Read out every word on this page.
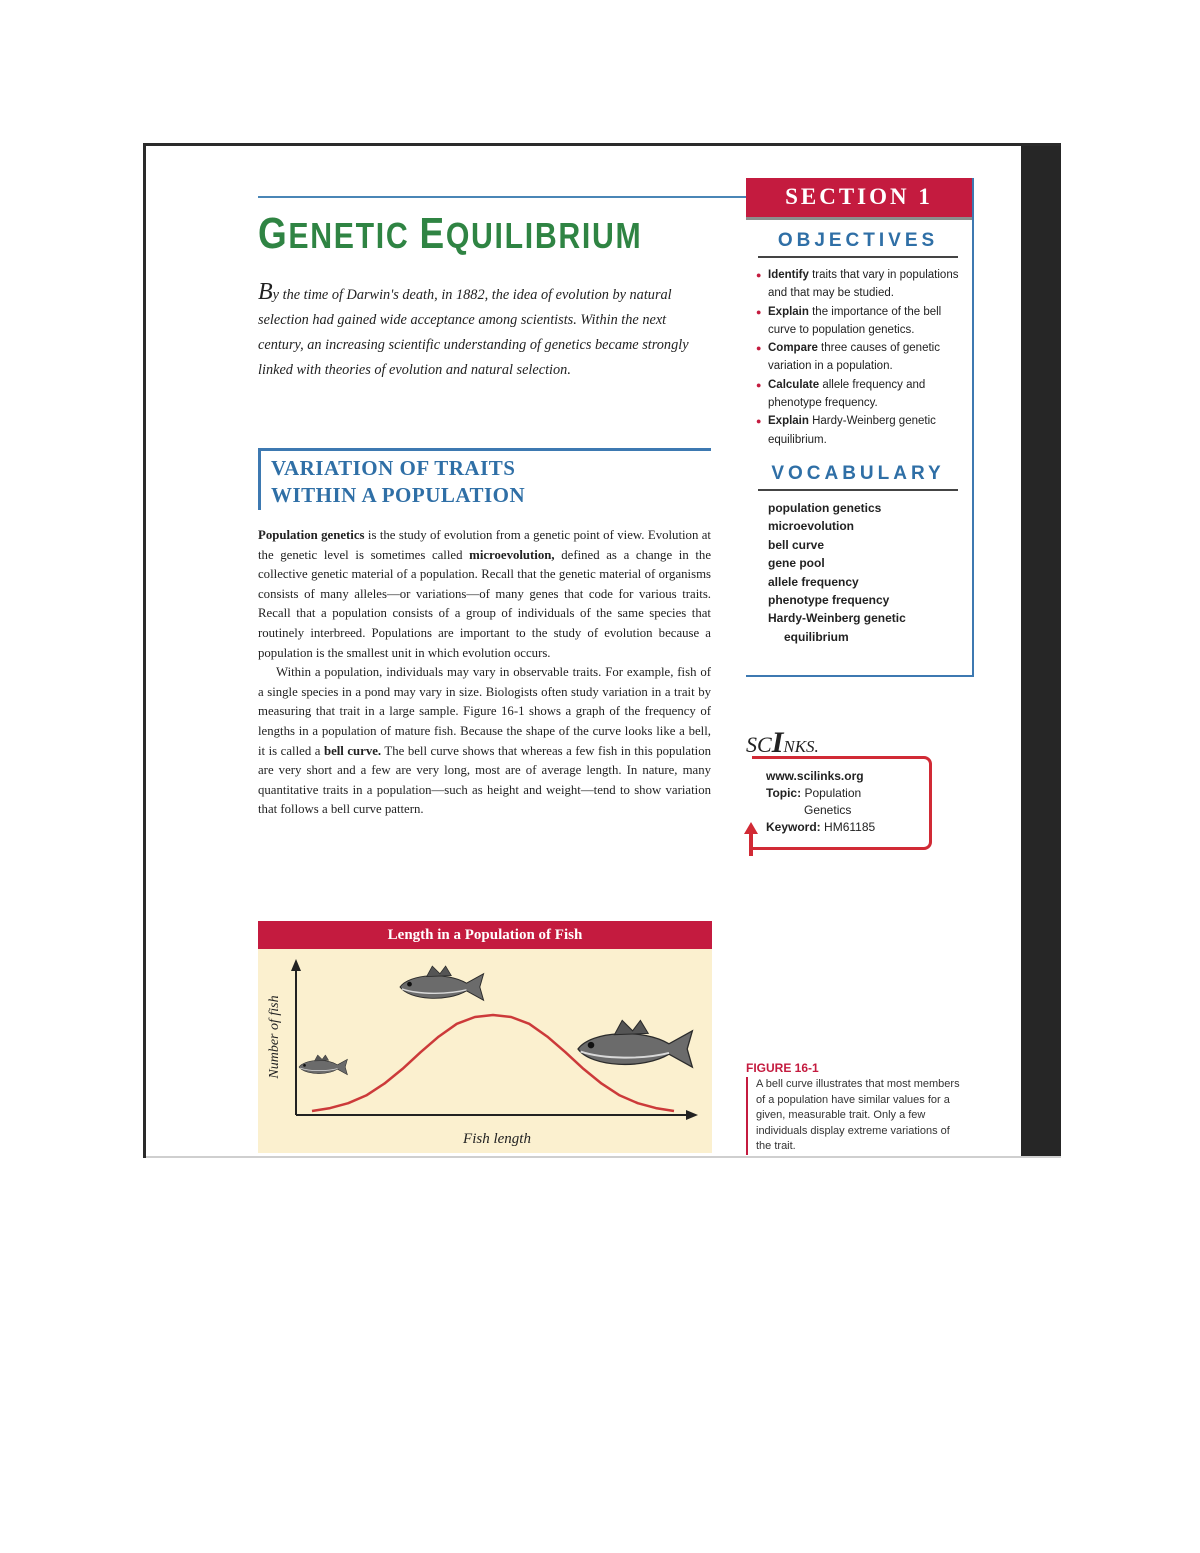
GENETIC EQUILIBRIUM

By the time of Darwin's death, in 1882, the idea of evolution by natural selection had gained wide acceptance among scientists. Within the next century, an increasing scientific understanding of genetics became strongly linked with theories of evolution and natural selection.

VARIATION OF TRAITS
WITHIN A POPULATION

Population genetics is the study of evolution from a genetic point of view. Evolution at the genetic level is sometimes called microevolution, defined as a change in the collective genetic material of a population. Recall that the genetic material of organisms consists of many alleles—or variations—of many genes that code for various traits. Recall that a population consists of a group of individuals of the same species that routinely interbreed. Populations are important to the study of evolution because a population is the smallest unit in which evolution occurs.

Within a population, individuals may vary in observable traits. For example, fish of a single species in a pond may vary in size. Biologists often study variation in a trait by measuring that trait in a large sample. Figure 16-1 shows a graph of the frequency of lengths in a population of mature fish. Because the shape of the curve looks like a bell, it is called a bell curve. The bell curve shows that whereas a few fish in this population are very short and a few are very long, most are of average length. In nature, many quantitative traits in a population—such as height and weight—tend to show variation that follows a bell curve pattern.

Length in a Population of Fish
Fish length
Number of fish
SECTION 1
OBJECTIVES
● Identify traits that vary in populations and that may be studied.
● Explain the importance of the bell curve to population genetics.
● Compare three causes of genetic variation in a population.
● Calculate allele frequency and phenotype frequency.
● Explain Hardy-Weinberg genetic equilibrium.
VOCABULARY
population genetics
microevolution
bell curve
gene pool
allele frequency
phenotype frequency
Hardy-Weinberg genetic
equilibrium
SCINKS.
www.scilinks.org
Topic: Population
Genetics
Keyword: HM61185

FIGURE 16-1

A bell curve illustrates that most members of a population have similar values for a given, measurable trait. Only a few individuals display extreme variations of the trait.
